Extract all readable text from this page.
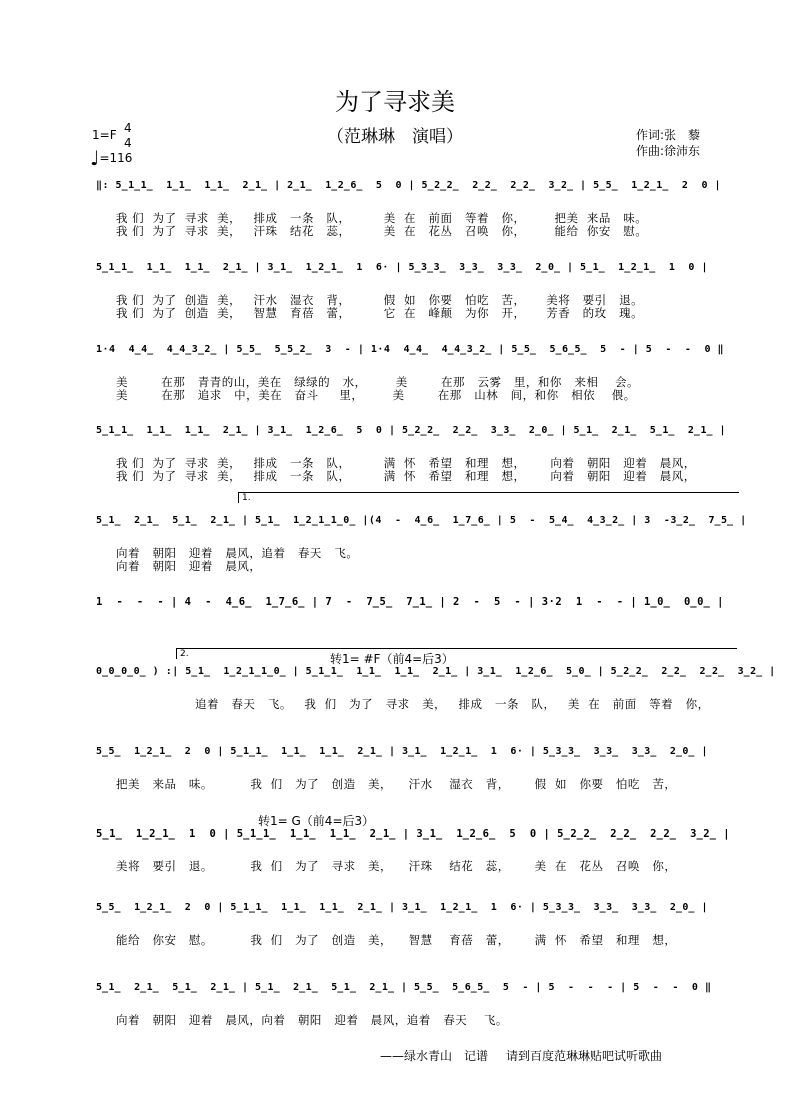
为了寻求美
（范琳琳　演唱）	作词:张　藜
作曲:徐沛东
1=F 4
4
♩=116
‖: 5̲1̲1̲  1̲1̲  1̲1̲  2̲1̲ | 2̲1̲  1̲2̲6̲  5  0 | 5̲2̲2̲  2̲2̲  2̲2̲  3̲2̲ | 5̲5̲  1̲2̲1̲  2  0 |
我 们  为了  寻求  美，   排成   一条   队，        美  在   前面   等着   你，       把美  来品   味。
我 们  为了  寻求  美，   汗珠   结花   蕊，        美  在   花丛   召唤   你，       能给  你安   慰。
5̲1̲1̲  1̲1̲  1̲1̲  2̲1̲ | 3̲1̲  1̲2̲1̲  1  6· | 5̲3̲3̲  3̲3̲  3̲3̲  2̲0̲ | 5̲1̲  1̲2̲1̲  1  0 |
我 们  为了  创造  美，   汗水   湿衣   背，        假  如   你要   怕吃   苦，     美将   要引   退。
我 们  为了  创造  美，   智慧   育蓓   蕾，        它  在   峰颠   为你   开，     芳香   的玫   瑰。
1·4  4̲4̲  4̲4̲3̲2̲ | 5̲5̲  5̲5̲2̲  3  - | 1·4  4̲4̲  4̲4̲3̲2̲ | 5̲5̲  5̲6̲5̲  5  - | 5  -  -  0 ‖
美        在那   青青的山，美在   绿绿的   水，       美        在那   云雾   里，和你   来相    会。
美        在那   追求   中，美在   奋斗     里，       美        在那   山林   间，和你   相依    偎。
5̲1̲1̲  1̲1̲  1̲1̲  2̲1̲ | 3̲1̲  1̲2̲6̲  5  0 | 5̲2̲2̲  2̲2̲  3̲3̲  2̲0̲ | 5̲1̲  2̲1̲  5̲1̲  2̲1̲ |
我 们  为了  寻求  美，   排成   一条   队，        满  怀   希望   和理   想，      向着   朝阳   迎着   晨风，
我 们  为了  寻求  美，   排成   一条   队，        满  怀   希望   和理   想，      向着   朝阳   迎着   晨风，
5̲1̲  2̲1̲  5̲1̲  2̲1̲ | 5̲1̲  1̲2̲1̲1̲0̲ |(4  -  4̲6̲  1̲7̲6̲ | 5  -  5̲4̲  4̲3̲2̲ | 3  -3̲2̲  7̲5̲ |
向着   朝阳   迎着   晨风，追着   春天   飞。
向着   朝阳   迎着   晨风，
1  -  -  - | 4  -  4̲6̲  1̲7̲6̲ | 7  -  7̲5̲  7̲1̲ | 2  -  5  - | 3·2  1  -  - | 1̲0̲  0̲0̲ |
0̲0̲0̲0̲ ) :| 5̲1̲  1̲2̲1̲1̲0̲ | 5̲1̲1̲  1̲1̲  1̲1̲  2̲1̲ | 3̲1̲  1̲2̲6̲  5̲0̲ | 5̲2̲2̲  2̲2̲  2̲2̲  3̲2̲ |
追着   春天   飞。   我  们   为了   寻求   美，   排成   一条   队，   美  在   前面   等着   你，
5̲5̲  1̲2̲1̲  2  0 | 5̲1̲1̲  1̲1̲  1̲1̲  2̲1̲ | 3̲1̲  1̲2̲1̲  1  6· | 5̲3̲3̲  3̲3̲  3̲3̲  2̲0̲ |
把美   来品   味。         我  们   为了   创造   美，    汗水    湿衣   背，      假  如   你要   怕吃   苦，
5̲1̲  1̲2̲1̲  1  0 | 5̲1̲1̲  1̲1̲  1̲1̲  2̲1̲ | 3̲1̲  1̲2̲6̲  5  0 | 5̲2̲2̲  2̲2̲  2̲2̲  3̲2̲ |
美将   要引   退。         我  们   为了   寻求   美，    汗珠    结花   蕊，      美  在   花丛   召唤   你，
5̲5̲  1̲2̲1̲  2  0 | 5̲1̲1̲  1̲1̲  1̲1̲  2̲1̲ | 3̲1̲  1̲2̲1̲  1  6· | 5̲3̲3̲  3̲3̲  3̲3̲  2̲0̲ |
能给   你安   慰。         我  们   为了   创造   美，    智慧    育蓓   蕾，      满  怀   希望   和理   想，
5̲1̲  2̲1̲  5̲1̲  2̲1̲ | 5̲1̲  2̲1̲  5̲1̲  2̲1̲ | 5̲5̲  5̲6̲5̲  5  - | 5  -  -  - | 5  -  -  0 ‖
向着   朝阳   迎着   晨风，向着   朝阳   迎着   晨风，追着   春天    飞。
1.
2.	转1= #F（前4=后3）
转1= G（前4=后3）
——绿水青山　记谱 请到百度范琳琳贴吧试听歌曲
